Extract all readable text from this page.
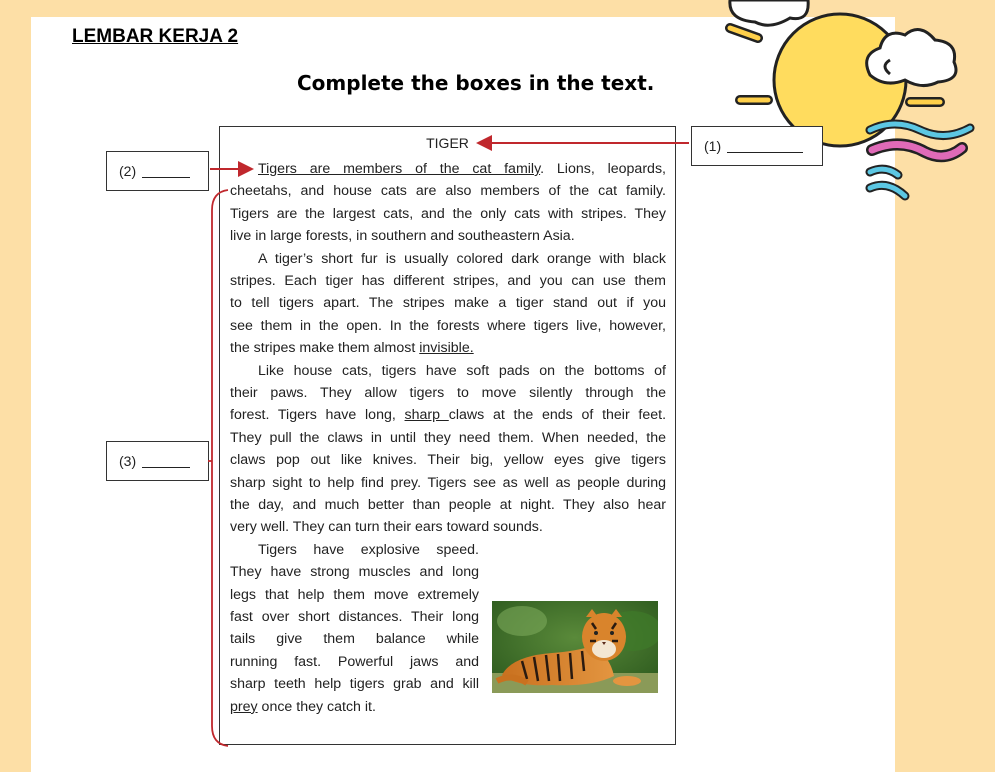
LEMBAR KERJA 2
Complete the boxes in the text.
(1)
(2)
(3)
TIGER
Tigers are members of the cat family. Lions, leopards,
cheetahs, and house cats are also members of the cat family.
Tigers are the largest cats, and the only cats with stripes. They
live in large forests, in southern and southeastern Asia.
A tiger’s short fur is usually colored dark orange with black
stripes. Each tiger has different stripes, and you can use them
to tell tigers apart. The stripes make a tiger stand out if you
see them in the open. In the forests where tigers live, however,
the stripes make them almost invisible.
Like house cats, tigers have soft pads on the bottoms of
their paws. They allow tigers to move silently through the
forest. Tigers have long, sharp claws at the ends of their feet.
They pull the claws in until they need them. When needed, the
claws pop out like knives. Their big, yellow eyes give tigers
sharp sight to help find prey. Tigers see as well as people during
the day, and much better than people at night. They also hear
very well. They can turn their ears toward sounds.
Tigers have explosive speed.
They have strong muscles and long
legs that help them move extremely
fast over short distances. Their long
tails give them balance while
running fast. Powerful jaws and
sharp teeth help tigers grab and kill
prey once they catch it.
